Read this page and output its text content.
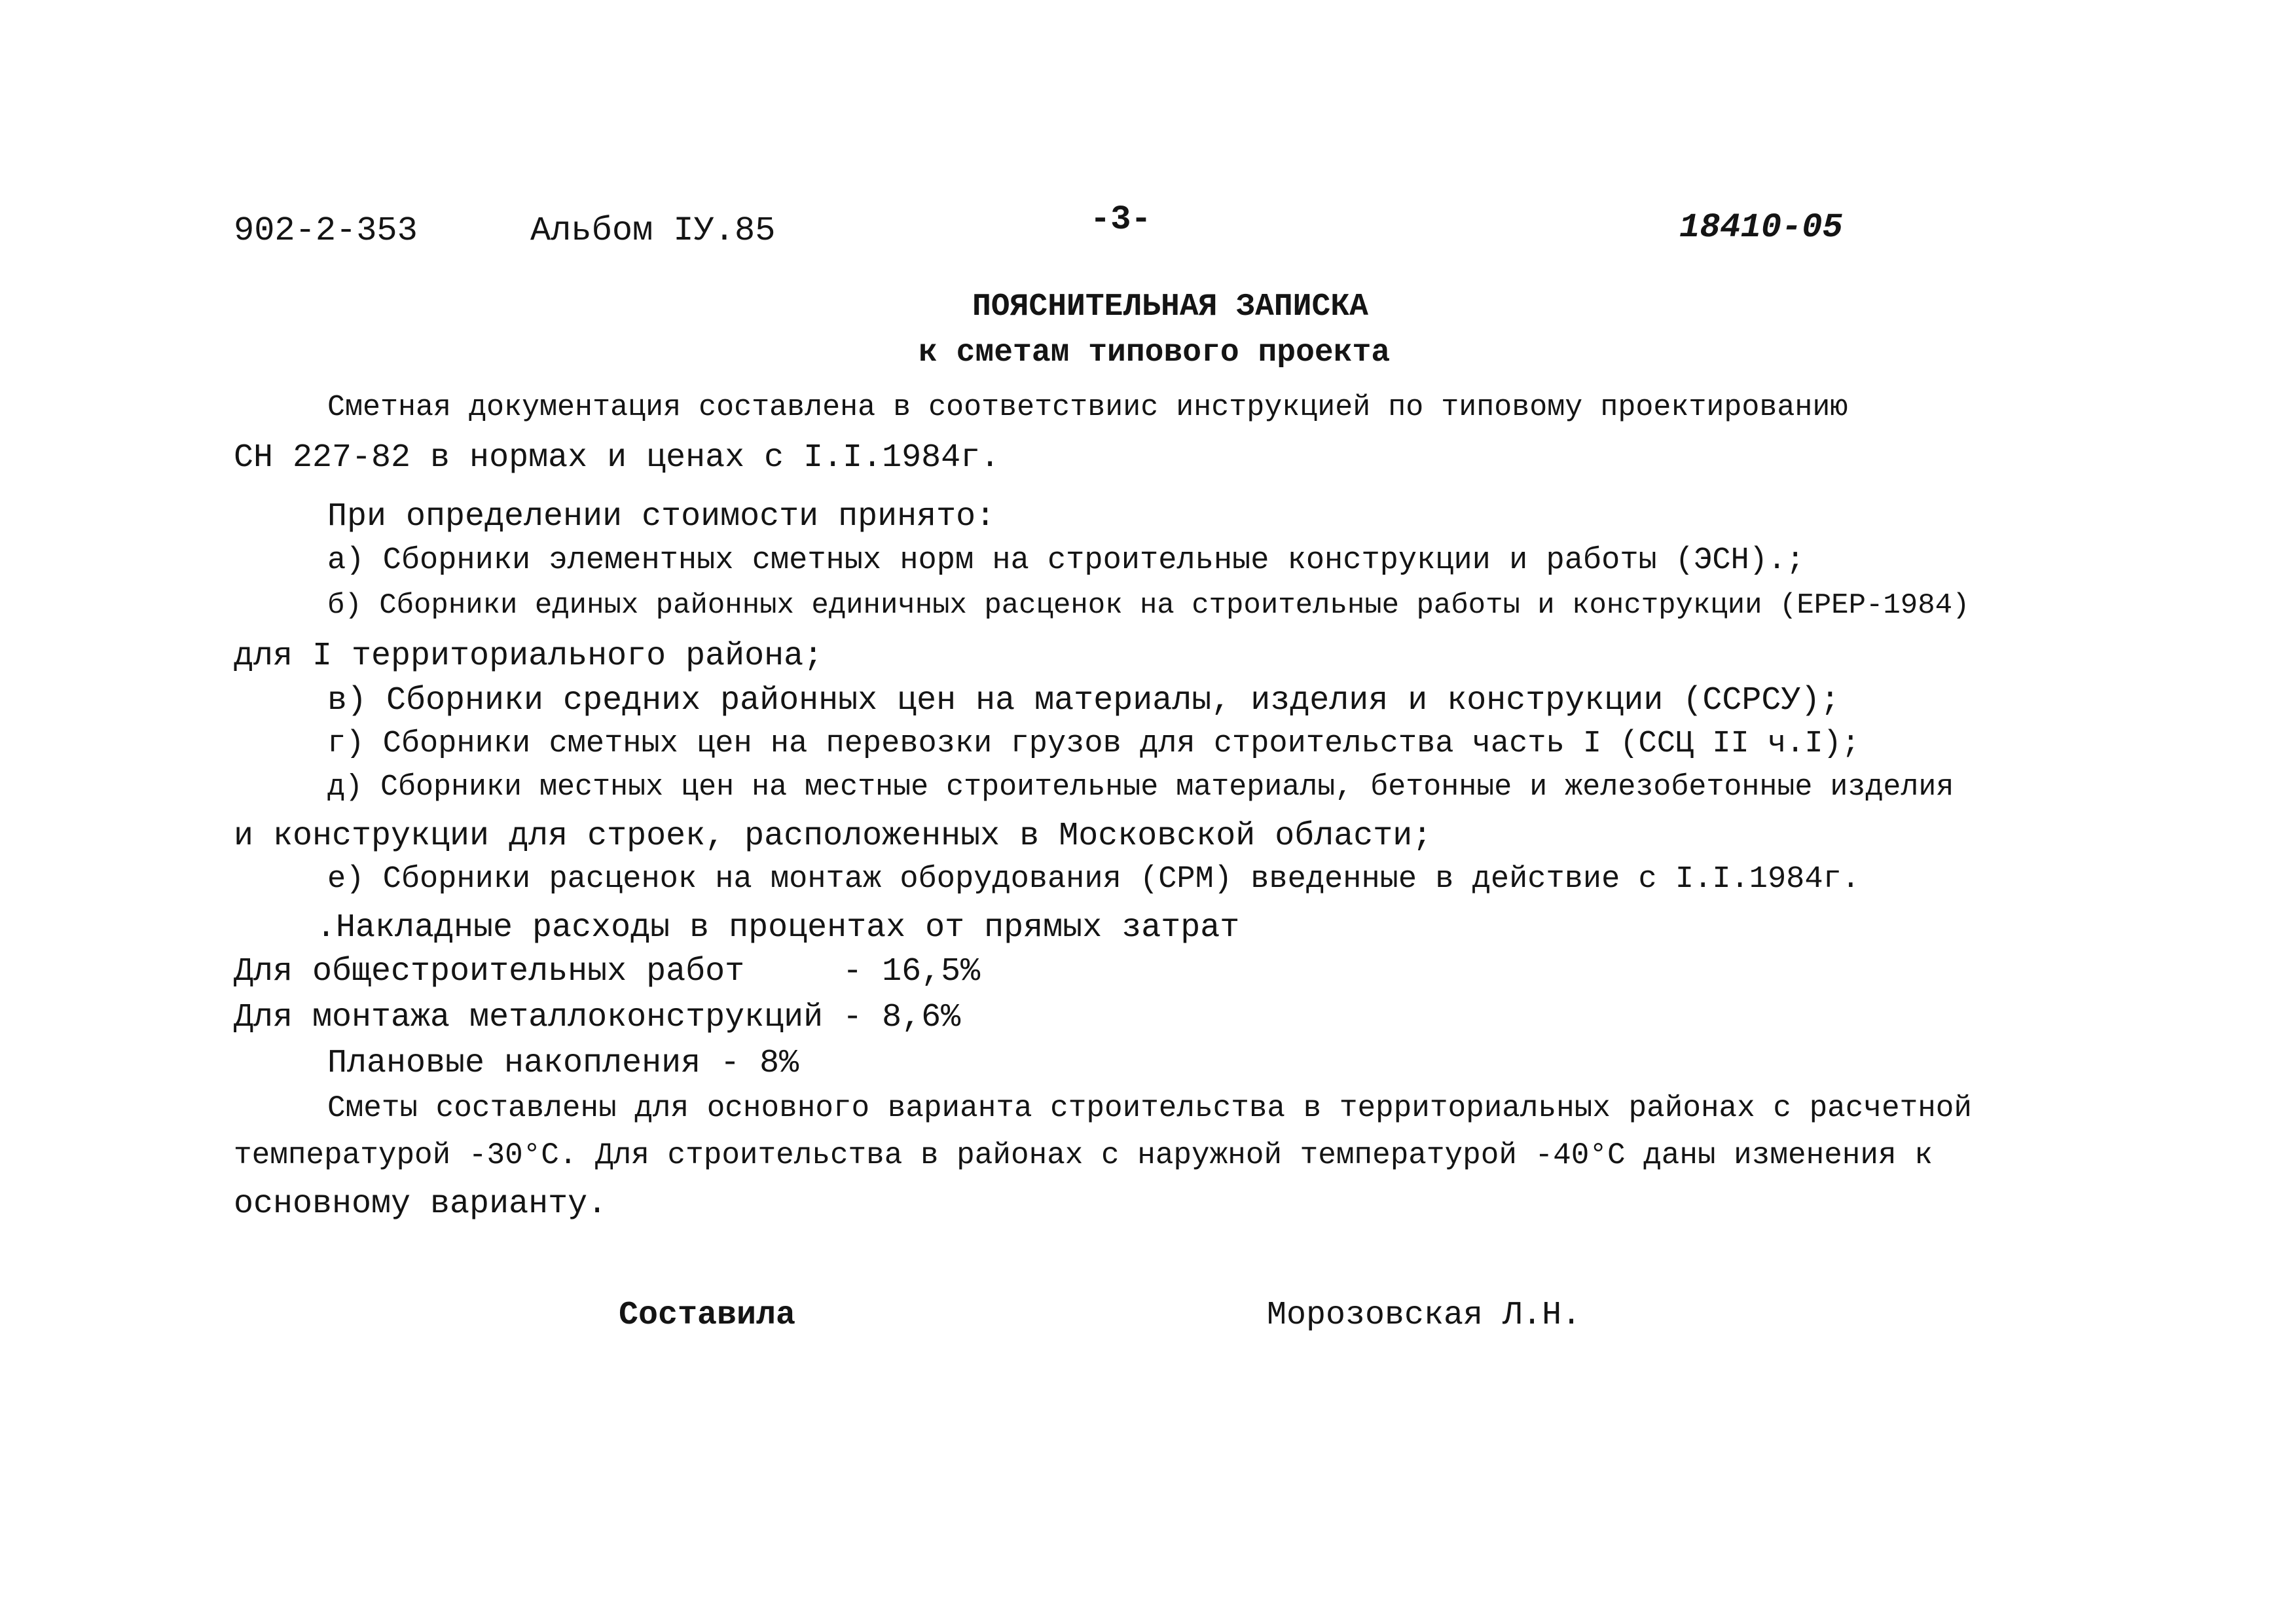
902-2-353	Альбом IУ.85	-3-	18410-05
ПОЯСНИТЕЛЬНАЯ ЗАПИСКА
к сметам типового проекта
Сметная документация составлена в соответствиис инструкцией по типовому проектированию
СН 227-82 в нормах и ценах с I.I.1984г.
При определении стоимости принято:
а) Сборники элементных сметных норм на строительные конструкции и работы (ЭСН).;
б) Сборники единых районных единичных расценок на строительные работы и конструкции (ЕРЕР-1984)
для I территориального района;
в) Сборники средних районных цен на материалы, изделия и конструкции (ССРСУ);
г) Сборники сметных цен на перевозки грузов для строительства часть I (ССЦ II ч.I);
д) Сборники местных цен на местные строительные материалы, бетонные и железобетонные изделия
и конструкции для строек, расположенных в Московской области;
е) Сборники расценок на монтаж оборудования (СРМ) введенные в действие с I.I.1984г.
.Накладные расходы в процентах от прямых затрат
Для общестроительных работ     - 16,5%
Для монтажа металлоконструкций - 8,6%
Плановые накопления - 8%
Сметы составлены для основного варианта строительства в территориальных районах с расчетной
температурой -30°С. Для строительства в районах с наружной температурой -40°С даны изменения к
основному варианту.
Составила	Морозовская Л.Н.
